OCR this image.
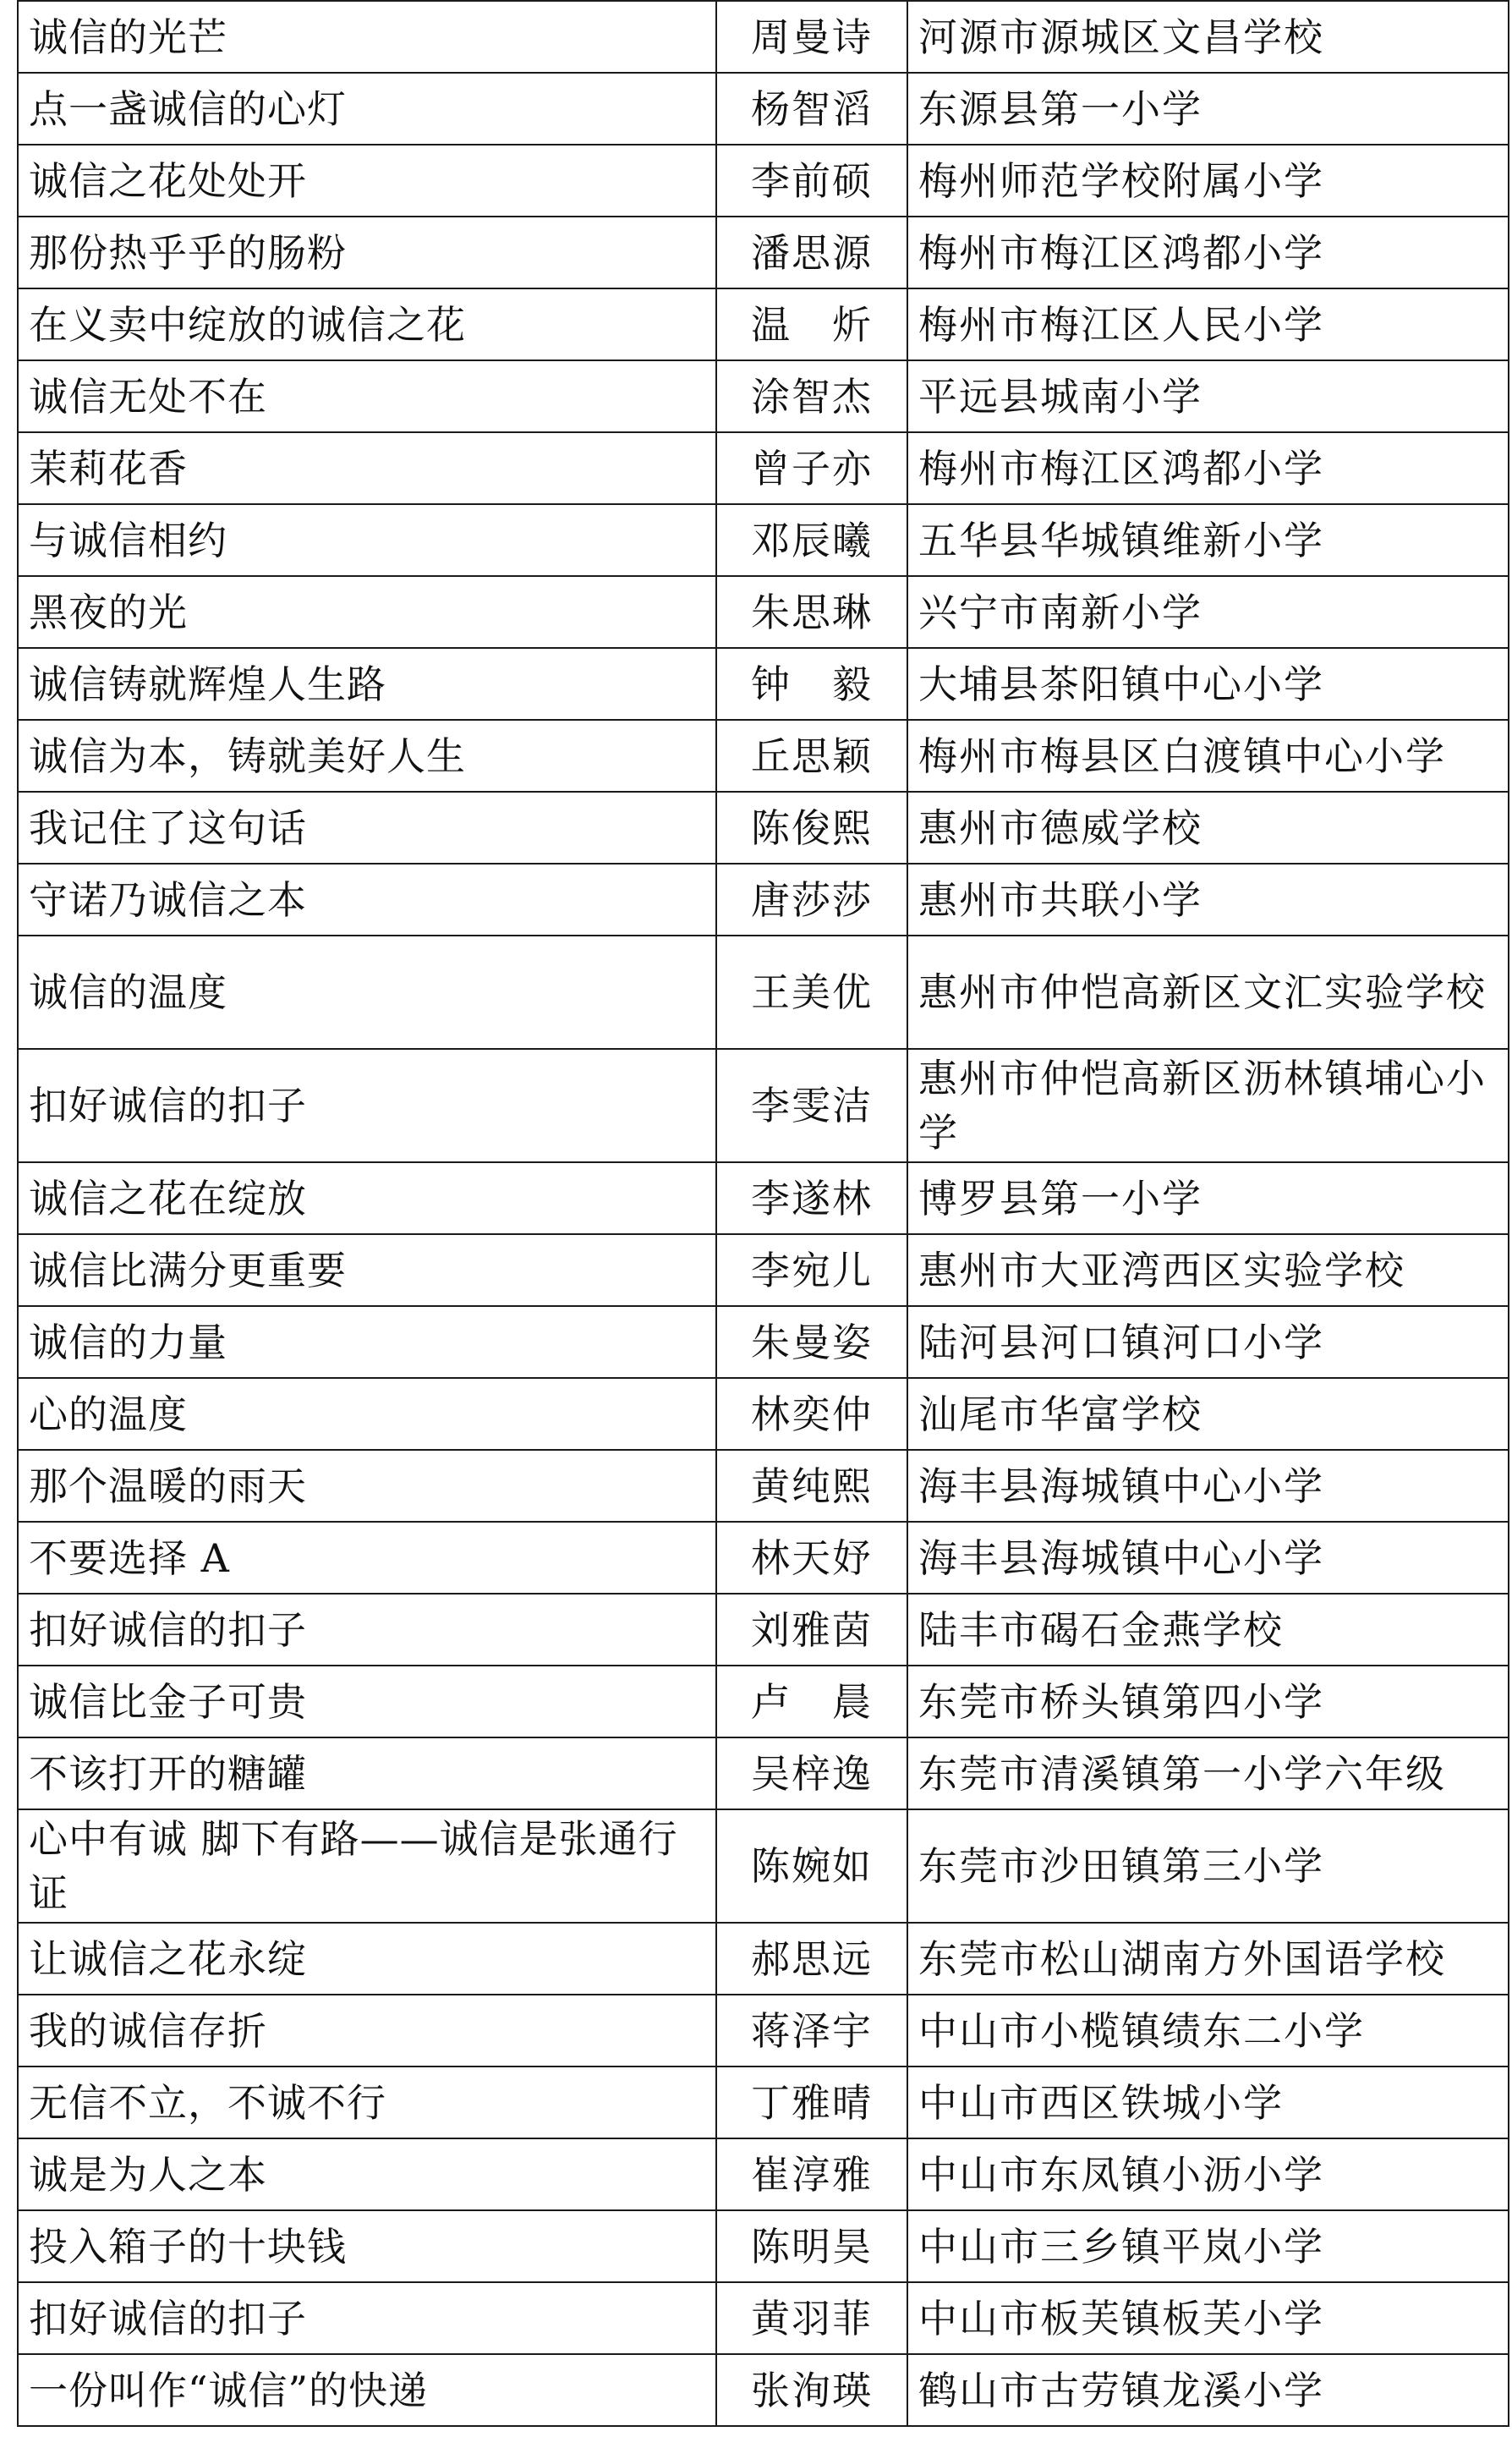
诚信的光芒	周曼诗	河源市源城区文昌学校
点一盏诚信的心灯	杨智滔	东源县第一小学
诚信之花处处开	李前硕	梅州师范学校附属小学
那份热乎乎的肠粉	潘思源	梅州市梅江区鸿都小学
在义卖中绽放的诚信之花	温　炘	梅州市梅江区人民小学
诚信无处不在	涂智杰	平远县城南小学
茉莉花香	曾子亦	梅州市梅江区鸿都小学
与诚信相约	邓辰曦	五华县华城镇维新小学
黑夜的光	朱思琳	兴宁市南新小学
诚信铸就辉煌人生路	钟　毅	大埔县茶阳镇中心小学
诚信为本，铸就美好人生	丘思颖	梅州市梅县区白渡镇中心小学
我记住了这句话	陈俊熙	惠州市德威学校
守诺乃诚信之本	唐莎莎	惠州市共联小学
诚信的温度	王美优	惠州市仲恺高新区文汇实验学校
扣好诚信的扣子	李雯洁	惠州市仲恺高新区沥林镇埔心小学
诚信之花在绽放	李遂林	博罗县第一小学
诚信比满分更重要	李宛儿	惠州市大亚湾西区实验学校
诚信的力量	朱曼姿	陆河县河口镇河口小学
心的温度	林奕仲	汕尾市华富学校
那个温暖的雨天	黄纯熙	海丰县海城镇中心小学
不要选择 A	林天妤	海丰县海城镇中心小学
扣好诚信的扣子	刘雅茵	陆丰市碣石金燕学校
诚信比金子可贵	卢　晨	东莞市桥头镇第四小学
不该打开的糖罐	吴梓逸	东莞市清溪镇第一小学六年级
心中有诚 脚下有路——诚信是张通行证	陈婉如	东莞市沙田镇第三小学
让诚信之花永绽	郝思远	东莞市松山湖南方外国语学校
我的诚信存折	蒋泽宇	中山市小榄镇绩东二小学
无信不立，不诚不行	丁雅晴	中山市西区铁城小学
诚是为人之本	崔淳雅	中山市东凤镇小沥小学
投入箱子的十块钱	陈明昊	中山市三乡镇平岚小学
扣好诚信的扣子	黄羽菲	中山市板芙镇板芙小学
一份叫作“诚信”的快递	张洵瑛	鹤山市古劳镇龙溪小学
